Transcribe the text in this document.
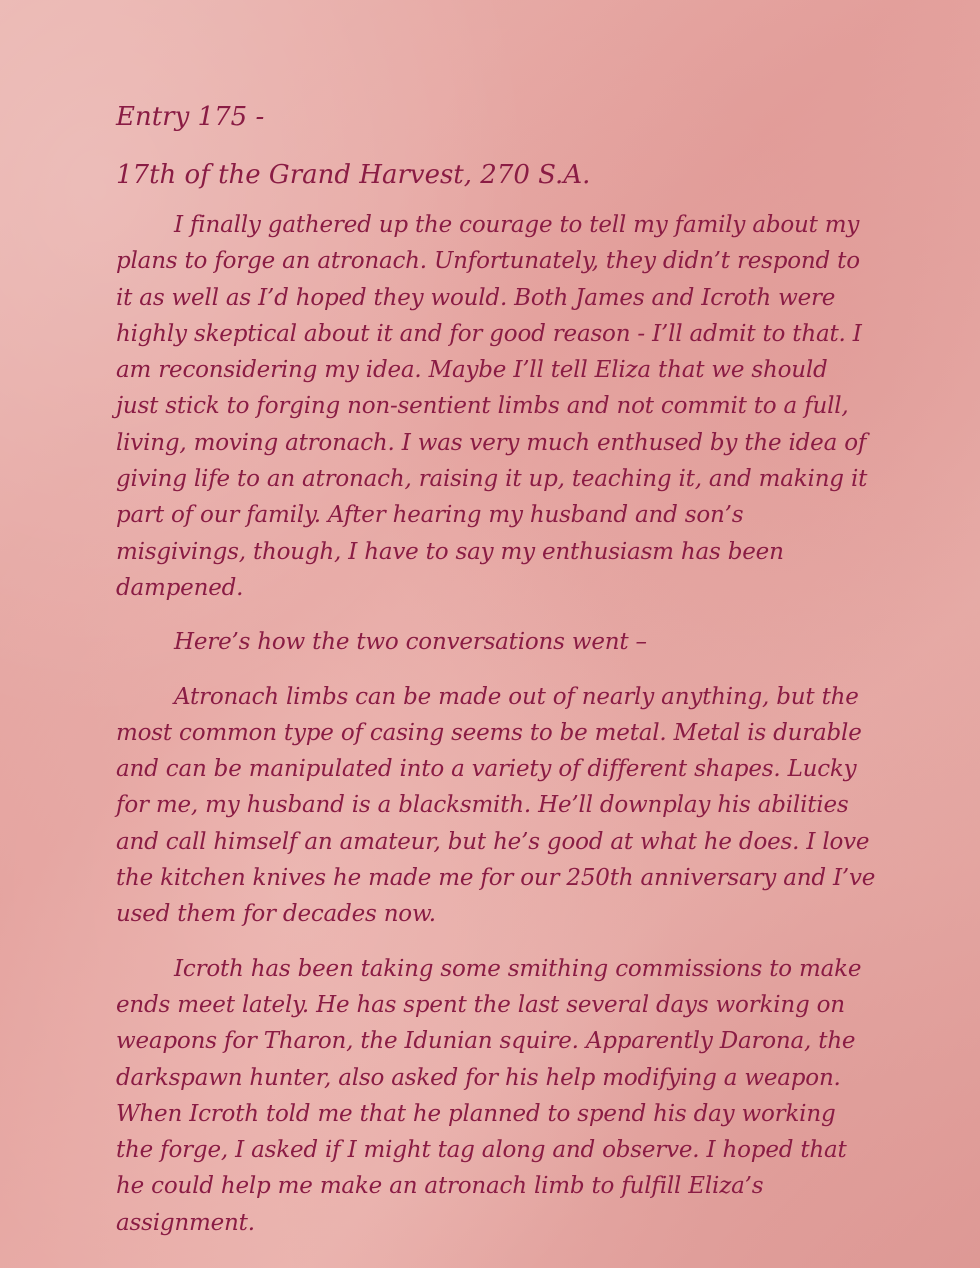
Entry 175 -
17th of the Grand Harvest, 270 S.A.

I finally gathered up the courage to tell my family about my plans to forge an atronach. Unfortunately, they didn’t respond to it as well as I’d hoped they would. Both James and Icroth were highly skeptical about it and for good reason - I’ll admit to that. I am reconsidering my idea. Maybe I’ll tell Eliza that we should just stick to forging non-sentient limbs and not commit to a full, living, moving atronach. I was very much enthused by the idea of giving life to an atronach, raising it up, teaching it, and making it part of our family. After hearing my husband and son’s misgivings, though, I have to say my enthusiasm has been dampened.

Here’s how the two conversations went –

Atronach limbs can be made out of nearly anything, but the most common type of casing seems to be metal. Metal is durable and can be manipulated into a variety of different shapes. Lucky for me, my husband is a blacksmith. He’ll downplay his abilities and call himself an amateur, but he’s good at what he does. I love the kitchen knives he made me for our 250th anniversary and I’ve used them for decades now.

Icroth has been taking some smithing commissions to make ends meet lately. He has spent the last several days working on weapons for Tharon, the Idunian squire. Apparently Darona, the darkspawn hunter, also asked for his help modifying a weapon. When Icroth told me that he planned to spend his day working the forge, I asked if I might tag along and observe. I hoped that he could help me make an atronach limb to fulfill Eliza’s assignment.
